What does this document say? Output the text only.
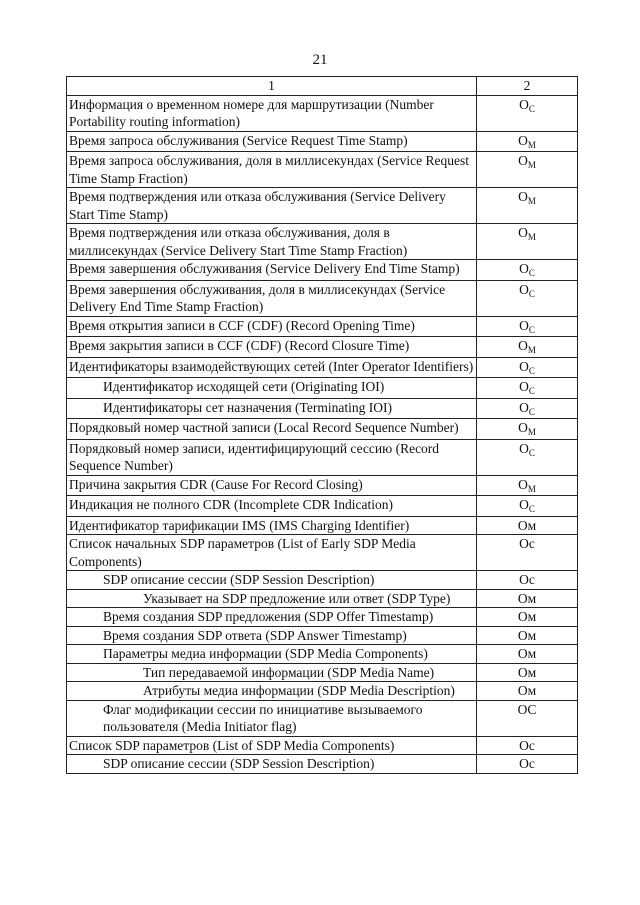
21
1	2
Информация о временном номере для маршрутизации (Number Portability routing information)	$O_C$
Время запроса обслуживания (Service Request Time Stamp)	$O_M$
Время запроса обслуживания, доля в миллисекундах (Service Request Time Stamp Fraction)	$O_M$
Время подтверждения или отказа обслуживания (Service Delivery Start Time Stamp)	$O_M$
Время подтверждения или отказа обслуживания, доля в миллисекундах (Service Delivery Start Time Stamp Fraction)	$O_M$
Время завершения обслуживания (Service Delivery End Time Stamp)	$O_C$
Время завершения обслуживания, доля в миллисекундах (Service Delivery End Time Stamp Fraction)	$O_C$
Время открытия записи в CCF (CDF) (Record Opening Time)	$O_C$
Время закрытия записи в CCF (CDF) (Record Closure Time)	$O_M$
Идентификаторы взаимодействующих сетей (Inter Operator Identifiers)	$O_C$
Идентификатор исходящей сети (Originating IOI)	$O_C$
Идентификаторы сет назначения (Terminating IOI)	$O_C$
Порядковый номер частной записи (Local Record Sequence Number)	$O_M$
Порядковый номер записи, идентифицирующий сессию (Record Sequence Number)	$O_C$
Причина закрытия CDR (Cause For Record Closing)	$O_M$
Индикация не полного CDR (Incomplete CDR Indication)	$O_C$
Идентификатор тарификации IMS (IMS Charging Identifier)	Ом
Список начальных SDP параметров (List of Early SDP Media Components)	Ос
SDP описание сессии (SDP Session Description)	Ос
Указывает на SDP предложение или ответ (SDP Type)	Ом
Время создания SDP предложения (SDP Offer Timestamp)	Ом
Время создания SDP ответа (SDP Answer Timestamp)	Ом
Параметры медиа информации (SDP Media Components)	Ом
Тип передаваемой информации (SDP Media Name)	Ом
Атрибуты медиа информации (SDP Media Description)	Ом
Флаг модификации сессии по инициативе вызываемого пользователя (Media Initiator flag)	OC
Список SDP параметров (List of SDP Media Components)	Ос
SDP описание сессии (SDP Session Description)	Ос
